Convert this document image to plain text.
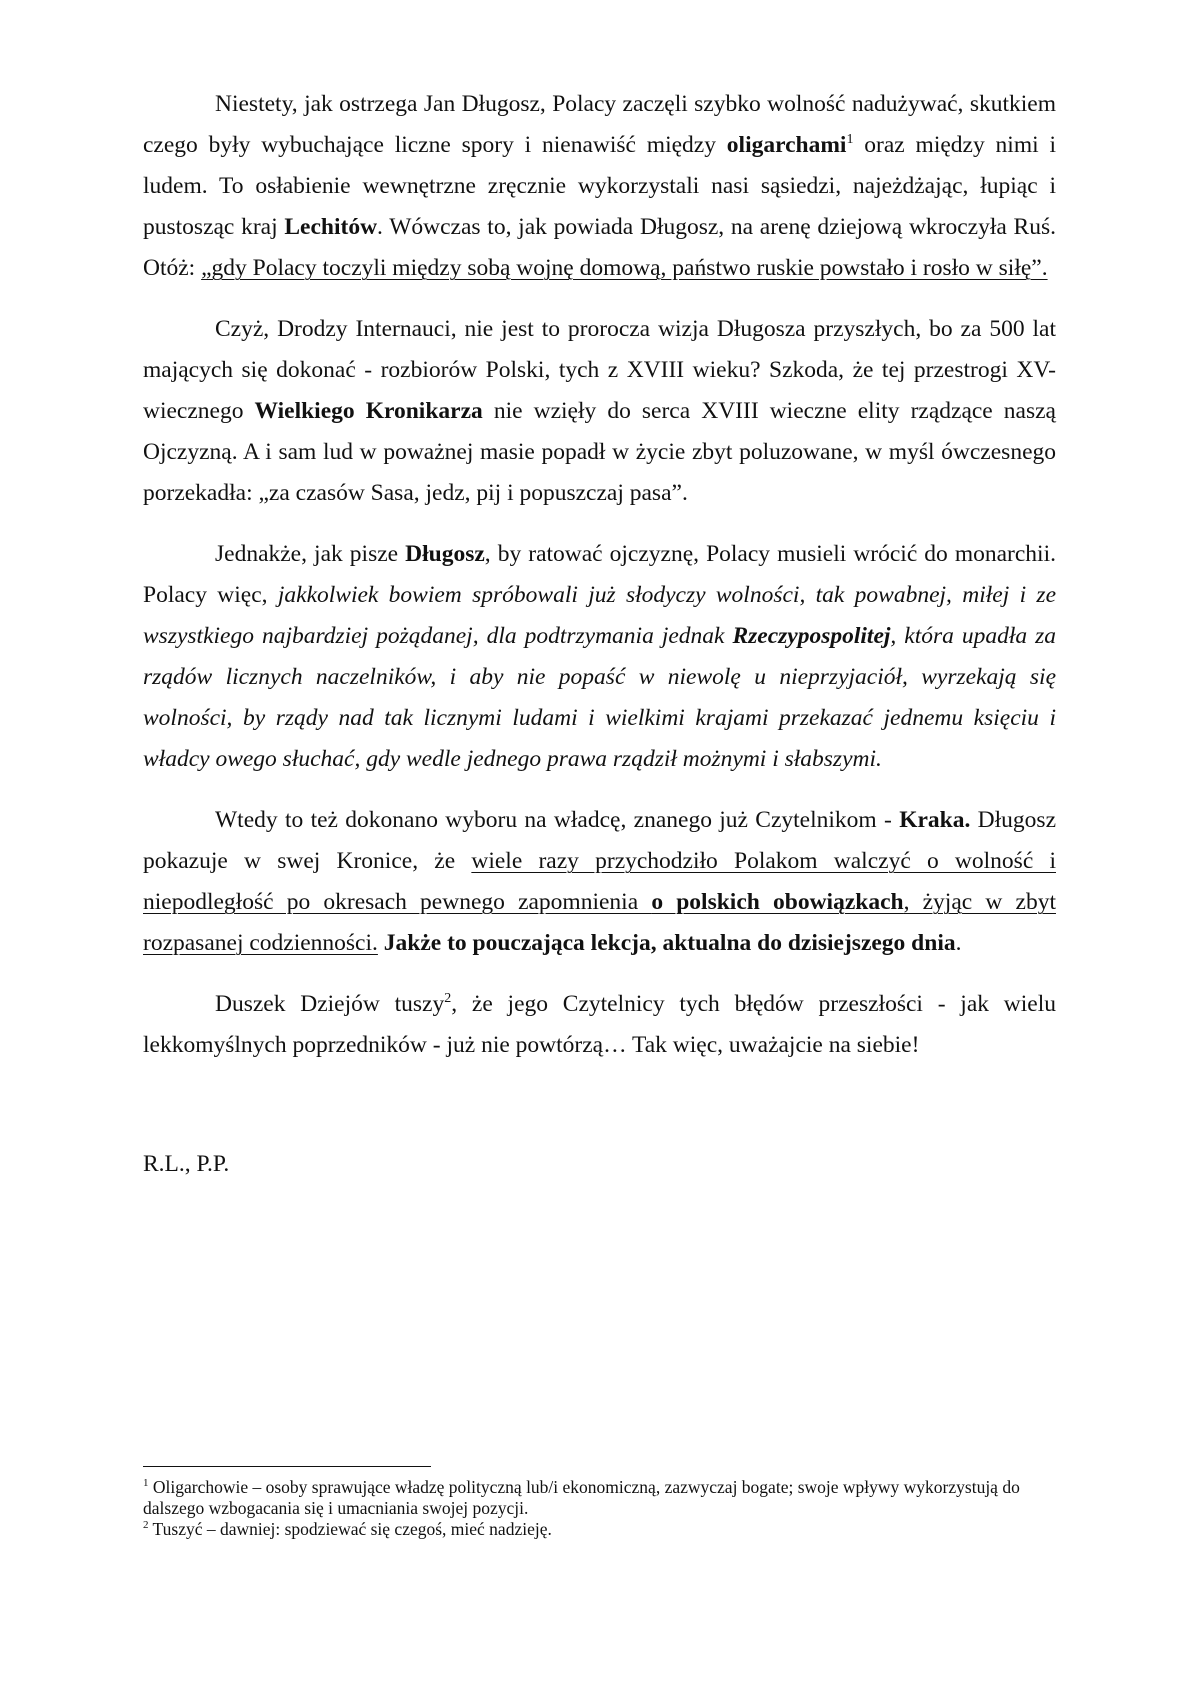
Niestety, jak ostrzega Jan Długosz, Polacy zaczęli szybko wolność nadużywać, skutkiem czego były wybuchające liczne spory i nienawiść między oligarchami$^1$ oraz między nimi i ludem. To osłabienie wewnętrzne zręcznie wykorzystali nasi sąsiedzi, najeżdżając, łupiąc i pustosząc kraj Lechitów. Wówczas to, jak powiada Długosz, na arenę dziejową wkroczyła Ruś. Otóż: „gdy Polacy toczyli między sobą wojnę domową, państwo ruskie powstało i rosło w siłę”.

Czyż, Drodzy Internauci, nie jest to prorocza wizja Długosza przyszłych, bo za 500 lat mających się dokonać - rozbiorów Polski, tych z XVIII wieku? Szkoda, że tej przestrogi XV-wiecznego Wielkiego Kronikarza nie wzięły do serca XVIII wieczne elity rządzące naszą Ojczyzną. A i sam lud w poważnej masie popadł w życie zbyt poluzowane, w myśl ówczesnego porzekadła: „za czasów Sasa, jedz, pij i popuszczaj pasa”.

Jednakże, jak pisze Długosz, by ratować ojczyznę, Polacy musieli wrócić do monarchii. Polacy więc, jakkolwiek bowiem spróbowali już słodyczy wolności, tak powabnej, miłej i ze wszystkiego najbardziej pożądanej, dla podtrzymania jednak Rzeczypospolitej, która upadła za rządów licznych naczelników, i aby nie popaść w niewolę u nieprzyjaciół, wyrzekają się wolności, by rządy nad tak licznymi ludami i wielkimi krajami przekazać jednemu księciu i władcy owego słuchać, gdy wedle jednego prawa rządził możnymi i słabszymi.

Wtedy to też dokonano wyboru na władcę, znanego już Czytelnikom - Kraka. Długosz pokazuje w swej Kronice, że wiele razy przychodziło Polakom walczyć o wolność i niepodległość po okresach pewnego zapomnienia o polskich obowiązkach, żyjąc w zbyt rozpasanej codzienności. Jakże to pouczająca lekcja, aktualna do dzisiejszego dnia.

Duszek Dziejów tuszy$^2$, że jego Czytelnicy tych błędów przeszłości - jak wielu lekkomyślnych poprzedników - już nie powtórzą… Tak więc, uważajcie na siebie!

R.L., P.P.

$^1$ Oligarchowie – osoby sprawujące władzę polityczną lub/i ekonomiczną, zazwyczaj bogate; swoje wpływy wykorzystują do dalszego wzbogacania się i umacniania swojej pozycji.

$^2$ Tuszyć – dawniej: spodziewać się czegoś, mieć nadzieję.
